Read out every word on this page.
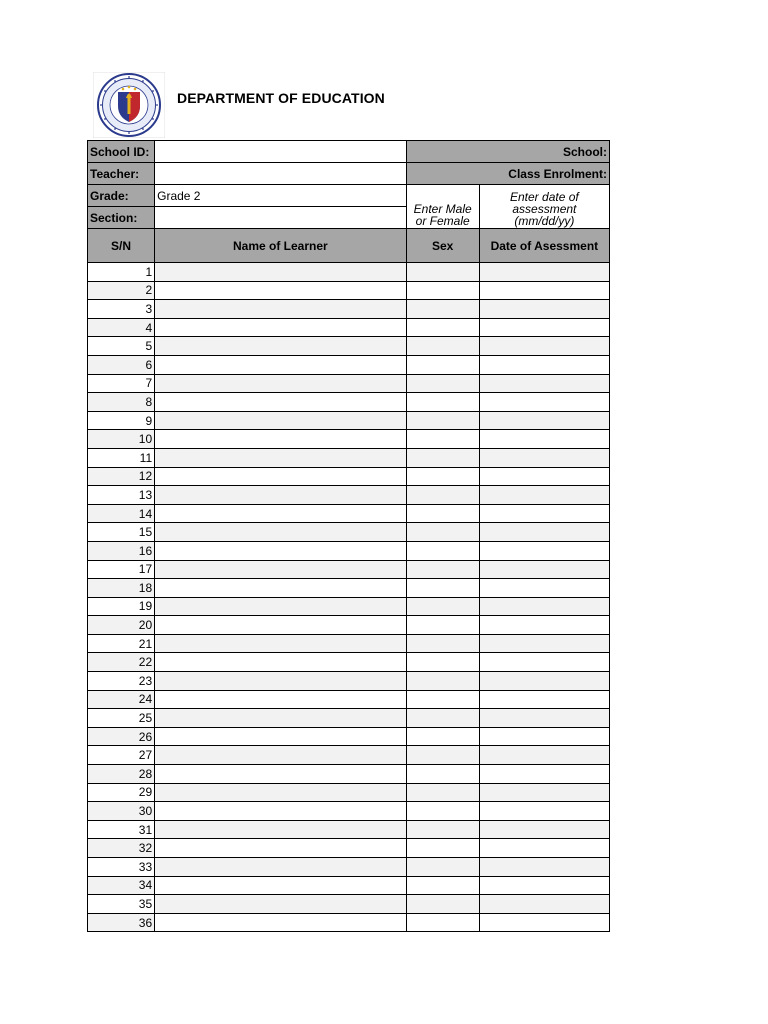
DEPARTMENT OF EDUCATION
School ID:		School:	
Teacher:		Class Enrolment:	
Grade:	Grade 2	Enter Male or Female	Enter date of assessment (mm/dd/yy)
Section:			
S/N	Name of Learner	Sex	Date of Asessment
1			
2			
3			
4			
5			
6			
7			
8			
9			
10			
11			
12			
13			
14			
15			
16			
17			
18			
19			
20			
21			
22			
23			
24			
25			
26			
27			
28			
29			
30			
31			
32			
33			
34			
35			
36			
